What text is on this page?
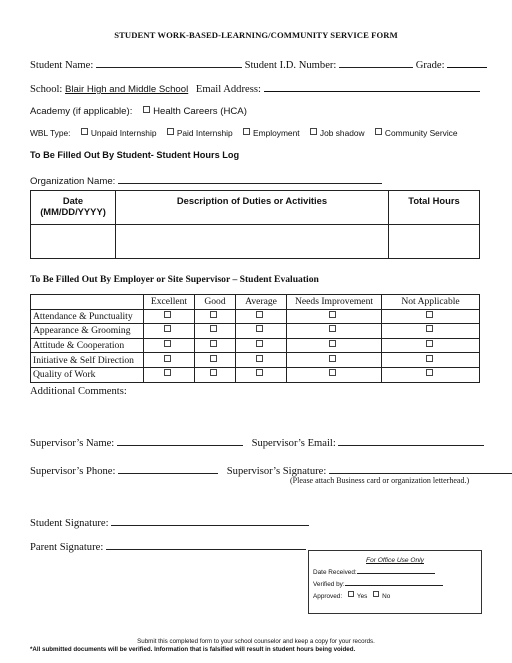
STUDENT WORK-BASED-LEARNING/COMMUNITY SERVICE FORM
Student Name:	Student I.D. Number:	Grade:
School: Blair High and Middle School Email Address:
Academy (if applicable): Health Careers (HCA)
WBL Type: Unpaid Internship Paid Internship Employment Job shadow Community Service
To Be Filled Out By Student- Student Hours Log
Organization Name:
Date
(MM/DD/YYYY)	Description of Duties or Activities	Total Hours

To Be Filled Out By Employer or Site Supervisor – Student Evaluation
	Excellent	Good	Average	Needs Improvement	Not Applicable
Attendance & Punctuality					
Appearance & Grooming					
Attitude & Cooperation					
Initiative & Self Direction					
Quality of Work					
Additional Comments:
Supervisor’s Name:	Supervisor’s Email:
Supervisor’s Phone:	Supervisor’s Signature:
(Please attach Business card or organization letterhead.)
Student Signature:
Parent Signature:
For Office Use Only
Date Received:
Verified by:
Approved: Yes No
Submit this completed form to your school counselor and keep a copy for your records.
*All submitted documents will be verified. Information that is falsified will result in student hours being voided.
